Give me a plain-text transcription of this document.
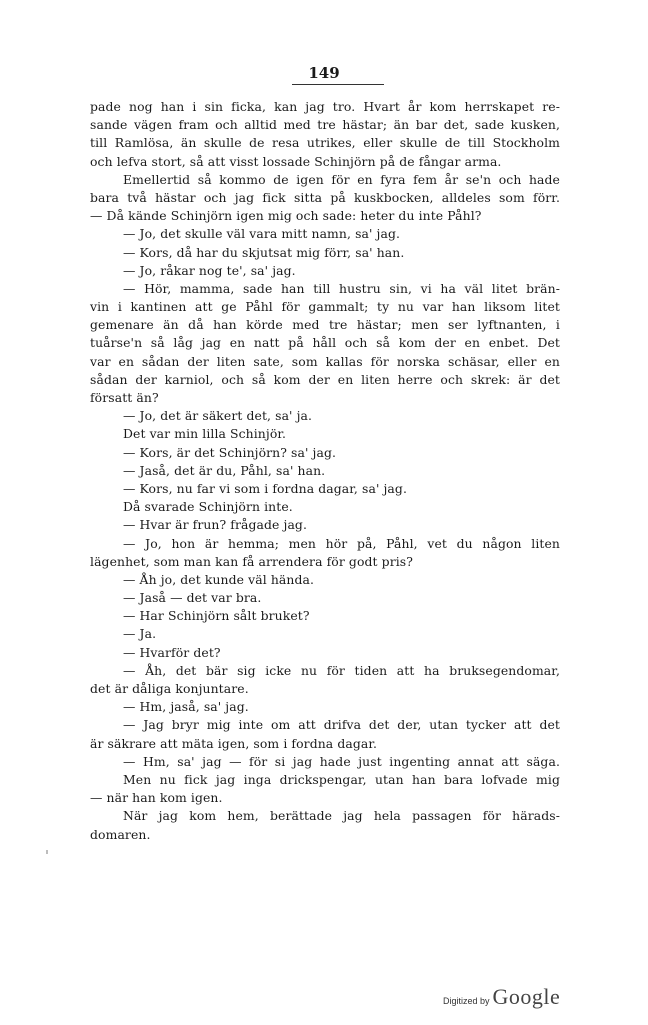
149
pade nog han i sin ficka, kan jag tro. Hvart år kom herrskapet re-
sande vägen fram och alltid med tre hästar; än bar det, sade kusken,
till Ramlösa, än skulle de resa utrikes, eller skulle de till Stockholm
och lefva stort, så att visst lossade Schinjörn på de fångar arma.
Emellertid så kommo de igen för en fyra fem år se'n och hade
bara två hästar och jag fick sitta på kuskbocken, alldeles som förr.
— Då kände Schinjörn igen mig och sade: heter du inte Påhl?
— Jo, det skulle väl vara mitt namn, sa' jag.
— Kors, då har du skjutsat mig förr, sa' han.
— Jo, råkar nog te', sa' jag.
— Hör, mamma, sade han till hustru sin, vi ha väl litet brän-
vin i kantinen att ge Påhl för gammalt; ty nu var han liksom litet
gemenare än då han körde med tre hästar; men ser lyftnanten, i
tuårse'n så låg jag en natt på håll och så kom der en enbet. Det
var en sådan der liten sate, som kallas för norska schäsar, eller en
sådan der karniol, och så kom der en liten herre och skrek: är det
försatt än?
— Jo, det är säkert det, sa' ja.
Det var min lilla Schinjör.
— Kors, är det Schinjörn? sa' jag.
— Jaså, det är du, Påhl, sa' han.
— Kors, nu far vi som i fordna dagar, sa' jag.
Då svarade Schinjörn inte.
— Hvar är frun? frågade jag.
— Jo, hon är hemma; men hör på, Påhl, vet du någon liten
lägenhet, som man kan få arrendera för godt pris?
— Åh jo, det kunde väl hända.
— Jaså — det var bra.
— Har Schinjörn sålt bruket?
— Ja.
— Hvarför det?
— Åh, det bär sig icke nu för tiden att ha bruksegendomar,
det är dåliga konjuntare.
— Hm, jaså, sa' jag.
— Jag bryr mig inte om att drifva det der, utan tycker att det
är säkrare att mäta igen, som i fordna dagar.
— Hm, sa' jag — för si jag hade just ingenting annat att säga.
Men nu fick jag inga drickspengar, utan han bara lofvade mig
— när han kom igen.
När jag kom hem, berättade jag hela passagen för härads-
domaren.
Digitized by Google
